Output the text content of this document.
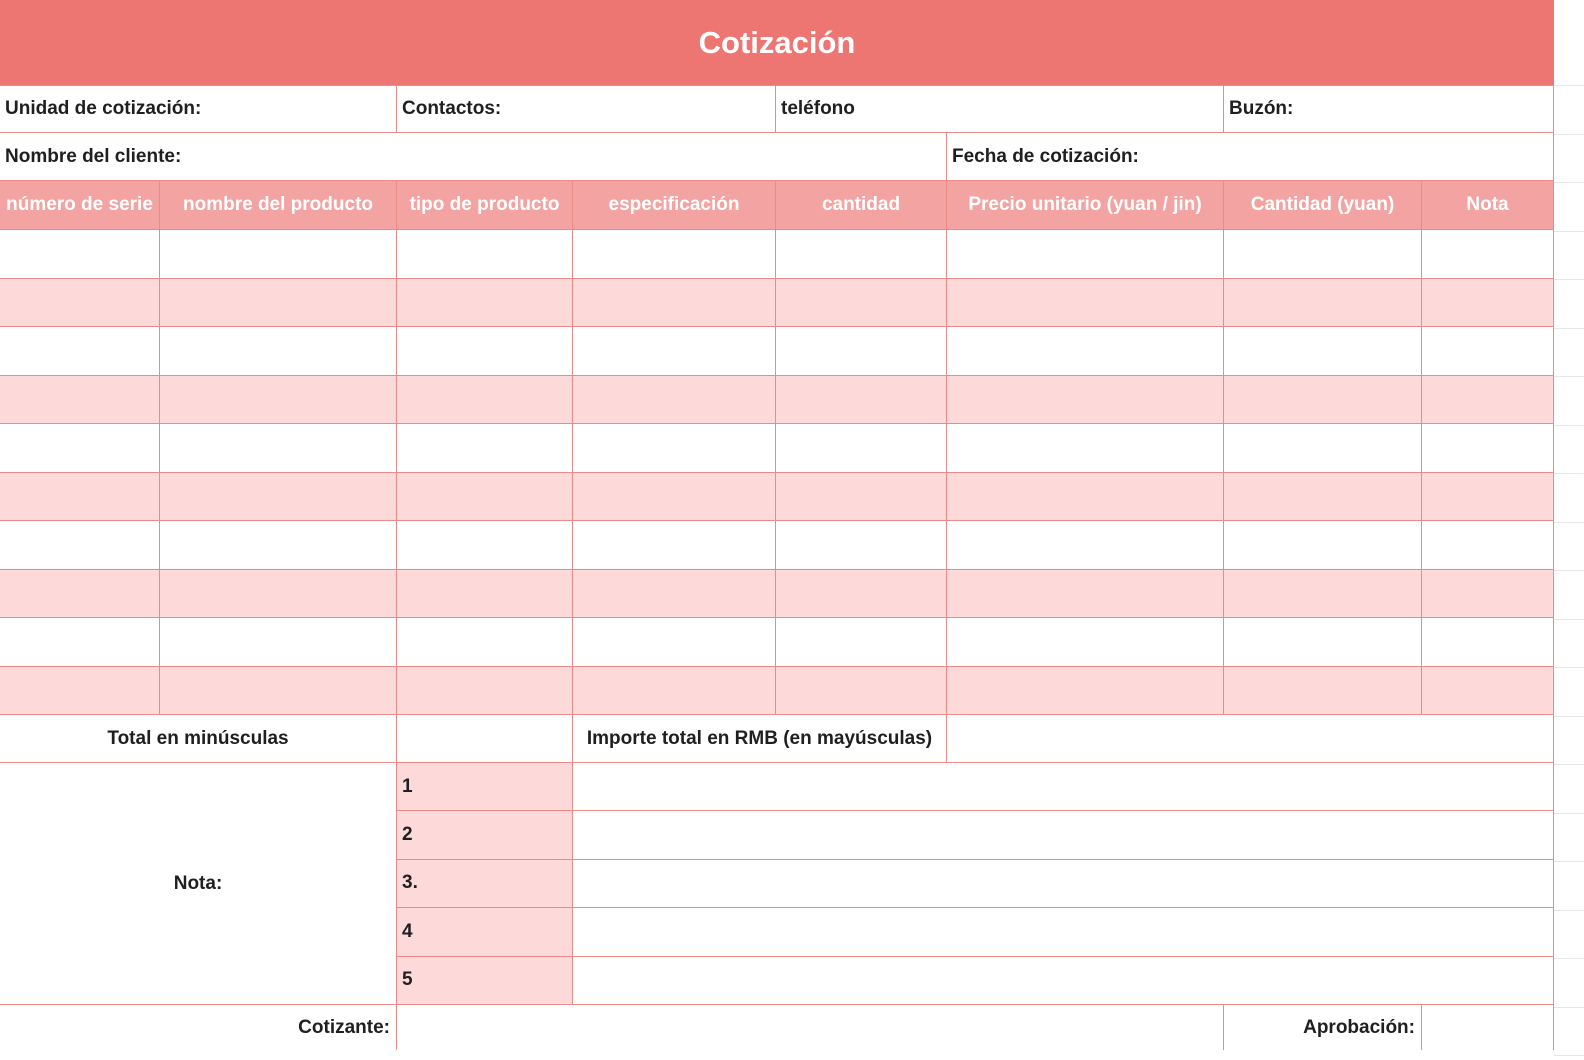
Cotización
Unidad de cotización:	Contactos:	teléfono	Buzón:
Nombre del cliente:	Fecha de cotización:
número de serie	nombre del producto	tipo de producto	especificación	cantidad	Precio unitario (yuan / jin)	Cantidad (yuan)	Nota
Total en minúsculas	Importe total en RMB (en mayúsculas)
Nota:
1
2
3.
4
5
Cotizante:	Aprobación:
